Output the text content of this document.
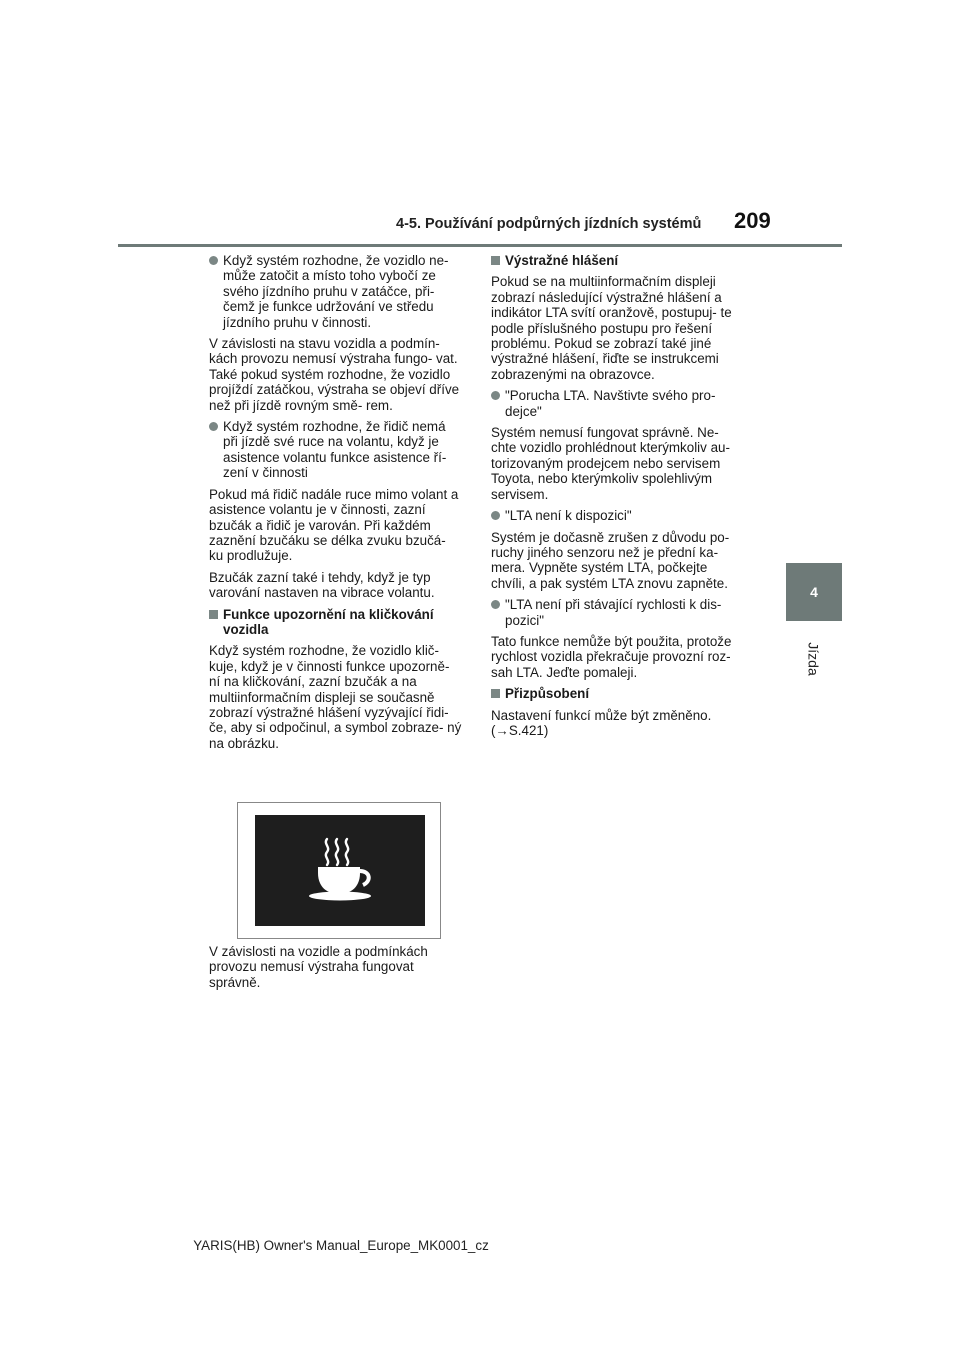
4-5. Používání podpůrných jízdních systémů 209
4
Jízda

Když systém rozhodne, že vozidlo ne- může zatočit a místo toho vybočí ze svého jízdního pruhu v zatáčce, při- čemž je funkce udržování ve středu jízdního pruhu v činnosti.

V závislosti na stavu vozidla a podmín- kách provozu nemusí výstraha fungo- vat. Také pokud systém rozhodne, že vozidlo projíždí zatáčkou, výstraha se objeví dříve než při jízdě rovným smě- rem.

Když systém rozhodne, že řidič nemá při jízdě své ruce na volantu, když je asistence volantu funkce asistence ří- zení v činnosti

Pokud má řidič nadále ruce mimo volant a asistence volantu je v činnosti, zazní bzučák a řidič je varován. Při každém zaznění bzučáku se délka zvuku bzučá- ku prodlužuje.

Bzučák zazní také i tehdy, když je typ varování nastaven na vibrace volantu.

Funkce upozornění na kličkování vozidla

Když systém rozhodne, že vozidlo klič- kuje, když je v činnosti funkce upozorně- ní na kličkování, zazní bzučák a na multiinformačním displeji se současně zobrazí výstražné hlášení vyzývající řidi- če, aby si odpočinul, a symbol zobraze- ný na obrázku.

V závislosti na vozidle a podmínkách provozu nemusí výstraha fungovat správně.

Výstražné hlášení

Pokud se na multiinformačním displeji zobrazí následující výstražné hlášení a indikátor LTA svítí oranžově, postupuj- te podle příslušného postupu pro řešení problému. Pokud se zobrazí také jiné výstražné hlášení, řiďte se instrukcemi zobrazenými na obrazovce.

"Porucha LTA. Navštivte svého pro- dejce"

Systém nemusí fungovat správně. Ne- chte vozidlo prohlédnout kterýmkoliv au- torizovaným prodejcem nebo servisem Toyota, nebo kterýmkoliv spolehlivým servisem.

"LTA není k dispozici"

Systém je dočasně zrušen z důvodu po- ruchy jiného senzoru než je přední ka- mera. Vypněte systém LTA, počkejte chvíli, a pak systém LTA znovu zapněte.

"LTA není při stávající rychlosti k dis- pozici"

Tato funkce nemůže být použita, protože rychlost vozidla překračuje provozní roz- sah LTA. Jeďte pomaleji.

Přizpůsobení

Nastavení funkcí může být změněno. (→S.421)

YARIS(HB) Owner's Manual_Europe_MK0001_cz
